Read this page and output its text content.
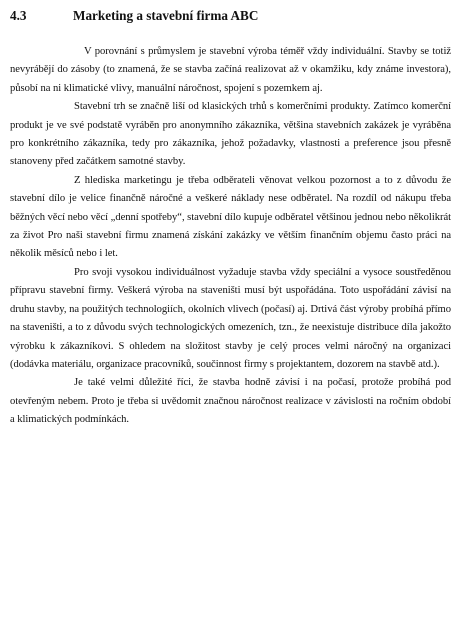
4.3	Marketing a stavební firma ABC

V porovnání s průmyslem je stavební výroba téměř vždy individuální. Stavby se totiž nevyrábějí do zásoby (to znamená, že se stavba začíná realizovat až v okamžiku, kdy známe investora), působí na ni klimatické vlivy, manuální náročnost, spojení s pozemkem aj.

Stavební trh se značně liší od klasických trhů s komerčními produkty. Zatímco komerční produkt je ve své podstatě vyráběn pro anonymního zákazníka, většina stavebních zakázek je vyráběna pro konkrétního zákazníka, tedy pro zákazníka, jehož požadavky, vlastnosti a preference jsou přesně stanoveny před začátkem samotné stavby.

Z hlediska marketingu je třeba odběrateli věnovat velkou pozornost a to z důvodu že stavební dílo je velice finančně náročné a veškeré náklady nese odběratel. Na rozdíl od nákupu třeba běžných věcí nebo věcí „denní spotřeby“, stavební dílo kupuje odběratel většinou jednou nebo několikrát za život Pro naši stavební firmu znamená získání zakázky ve větším finančním objemu často práci na několik měsíců nebo i let.

Pro svoji vysokou individuálnost vyžaduje stavba vždy speciální a vysoce soustředěnou přípravu stavební firmy. Veškerá výroba na staveništi musí být uspořádána. Toto uspořádání závisí na druhu stavby, na použitých technologiích, okolních vlivech (počasí) aj. Drtivá část výroby probíhá přímo na staveništi, a to z důvodu svých technologických omezeních, tzn., že neexistuje distribuce díla jakožto výrobku k zákazníkovi. S ohledem na složitost stavby je celý proces velmi náročný na organizaci (dodávka materiálu, organizace pracovníků, součinnost firmy s projektantem, dozorem na stavbě atd.).

Je také velmi důležité říci, že stavba hodně závisí i na počasí, protože probíhá pod otevřeným nebem. Proto je třeba si uvědomit značnou náročnost realizace v závislosti na ročním období a klimatických podmínkách.
